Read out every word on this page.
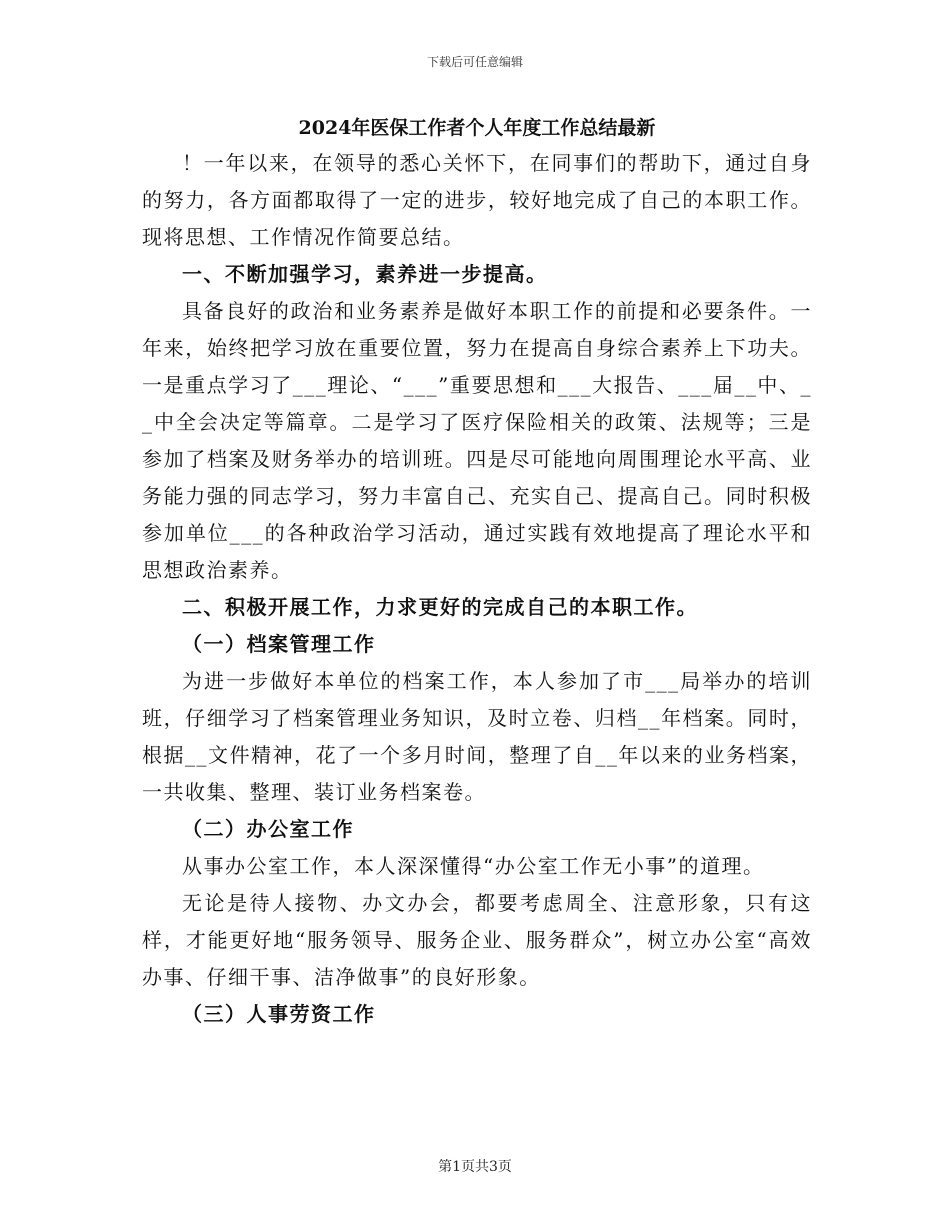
下载后可任意编辑
2024年医保工作者个人年度工作总结最新

！一年以来，在领导的悉心关怀下，在同事们的帮助下，通过自身的努力，各方面都取得了一定的进步，较好地完成了自己的本职工作。现将思想、工作情况作简要总结。

一、不断加强学习，素养进一步提高。

具备良好的政治和业务素养是做好本职工作的前提和必要条件。一年来，始终把学习放在重要位置，努力在提高自身综合素养上下功夫。一是重点学习了___理论、“___”重要思想和___大报告、___届__中、__中全会决定等篇章。二是学习了医疗保险相关的政策、法规等；三是参加了档案及财务举办的培训班。四是尽可能地向周围理论水平高、业务能力强的同志学习，努力丰富自己、充实自己、提高自己。同时积极参加单位___的各种政治学习活动，通过实践有效地提高了理论水平和思想政治素养。

二、积极开展工作，力求更好的完成自己的本职工作。

（一）档案管理工作

为进一步做好本单位的档案工作，本人参加了市___局举办的培训班，仔细学习了档案管理业务知识，及时立卷、归档__年档案。同时，根据__文件精神，花了一个多月时间，整理了自__年以来的业务档案，一共收集、整理、装订业务档案卷。

（二）办公室工作

从事办公室工作，本人深深懂得“办公室工作无小事”的道理。

无论是待人接物、办文办会，都要考虑周全、注意形象，只有这样，才能更好地“服务领导、服务企业、服务群众”，树立办公室“高效办事、仔细干事、洁净做事”的良好形象。

（三）人事劳资工作

第1页共3页
